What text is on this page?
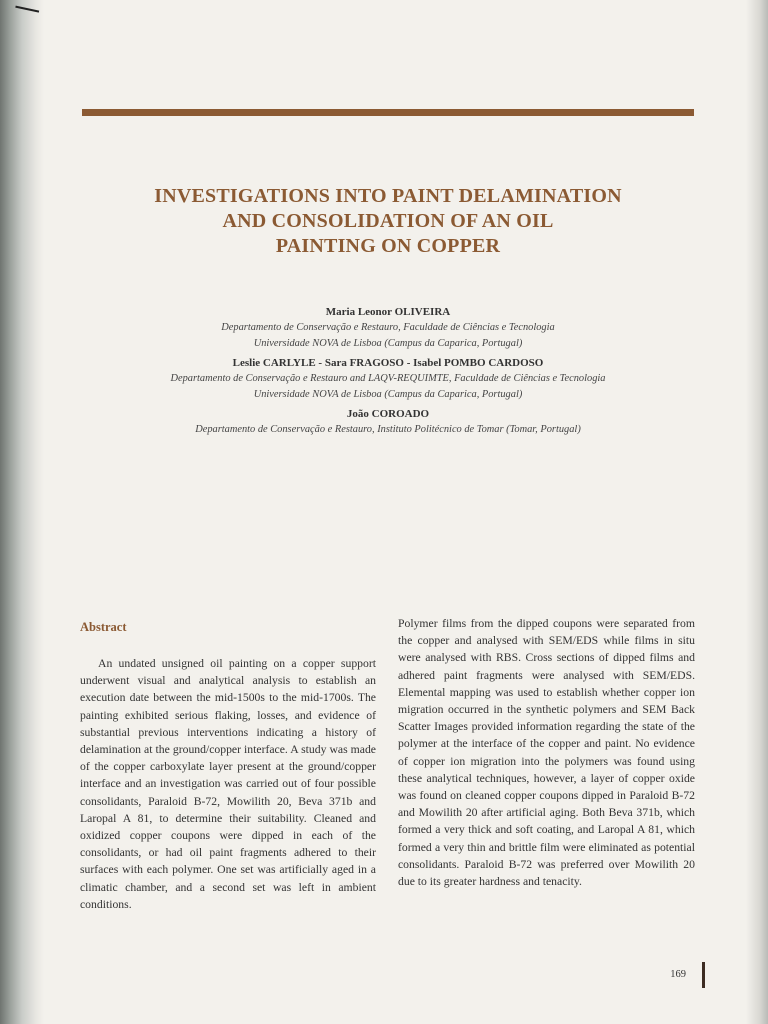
INVESTIGATIONS INTO PAINT DELAMINATION
AND CONSOLIDATION OF AN OIL
PAINTING ON COPPER
Maria Leonor OLIVEIRA
Departamento de Conservação e Restauro, Faculdade de Ciências e Tecnologia
Universidade NOVA de Lisboa (Campus da Caparica, Portugal)
Leslie CARLYLE - Sara FRAGOSO - Isabel POMBO CARDOSO
Departamento de Conservação e Restauro and LAQV-REQUIMTE, Faculdade de Ciências e Tecnologia
Universidade NOVA de Lisboa (Campus da Caparica, Portugal)
João COROADO
Departamento de Conservação e Restauro, Instituto Politécnico de Tomar (Tomar, Portugal)
Abstract
An undated unsigned oil painting on a copper support underwent visual and analytical analysis to establish an execution date between the mid-1500s to the mid-1700s. The painting exhibited serious flaking, losses, and evidence of substantial previous interventions indicating a history of delamination at the ground/copper interface. A study was made of the copper carboxylate layer present at the ground/copper interface and an investigation was carried out of four possible consolidants, Paraloid B-72, Mowilith 20, Beva 371b and Laropal A 81, to determine their suitability. Cleaned and oxidized copper coupons were dipped in each of the consolidants, or had oil paint fragments adhered to their surfaces with each polymer. One set was artificially aged in a climatic chamber, and a second set was left in ambient conditions.
Polymer films from the dipped coupons were separated from the copper and analysed with SEM/EDS while films in situ were analysed with RBS. Cross sections of dipped films and adhered paint fragments were analysed with SEM/EDS. Elemental mapping was used to establish whether copper ion migration occurred in the synthetic polymers and SEM Back Scatter Images provided information regarding the state of the polymer at the interface of the copper and paint. No evidence of copper ion migration into the polymers was found using these analytical techniques, however, a layer of copper oxide was found on cleaned copper coupons dipped in Paraloid B-72 and Mowilith 20 after artificial aging. Both Beva 371b, which formed a very thick and soft coating, and Laropal A 81, which formed a very thin and brittle film were eliminated as potential consolidants. Paraloid B-72 was preferred over Mowilith 20 due to its greater hardness and tenacity.
169
